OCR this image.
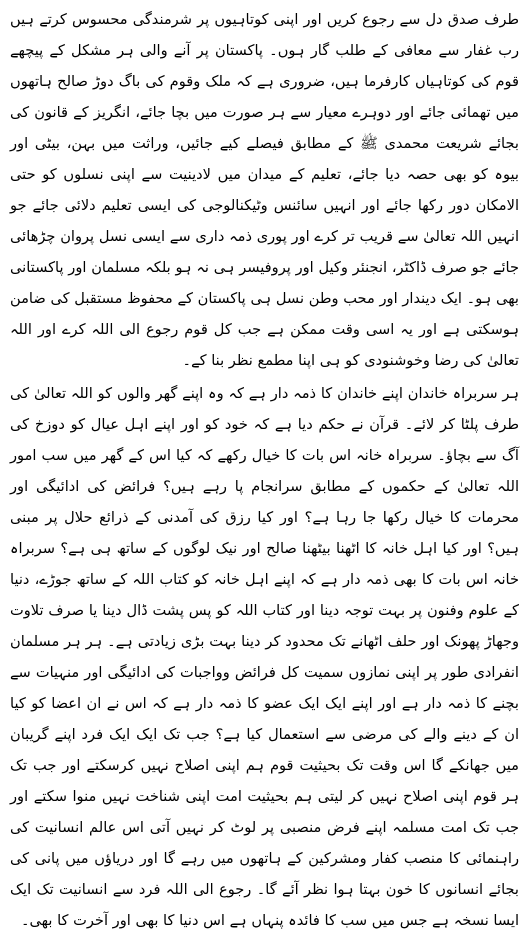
طرف صدق دل سے رجوع کریں اور اپنی کوتاہیوں پر شرمندگی محسوس کرتے ہیں رب غفار سے معافی کے طلب گار ہوں۔ پاکستان پر آنے والی ہر مشکل کے پیچھے قوم کی کوتاہیاں کارفرما ہیں، ضروری ہے کہ ملک وقوم کی باگ دوڑ صالح ہاتھوں میں تھمائی جائے اور دوہرے معیار سے ہر صورت میں بچا جائے، انگریز کے قانون کی بجائے شریعت محمدی ﷺ کے مطابق فیصلے کیے جائیں، وراثت میں بہن، بیٹی اور بیوہ کو بھی حصہ دیا جائے، تعلیم کے میدان میں لادینیت سے اپنی نسلوں کو حتی الامکان دور رکھا جائے اور انہیں سائنس وٹیکنالوجی کی ایسی تعلیم دلائی جائے جو انہیں اللہ تعالیٰ سے قریب تر کرے اور پوری ذمہ داری سے ایسی نسل پروان چڑھائی جائے جو صرف ڈاکٹر، انجنئر وکیل اور پروفیسر ہی نہ ہو بلکہ مسلمان اور پاکستانی بھی ہو۔ ایک دیندار اور محب وطن نسل ہی پاکستان کے محفوظ مستقبل کی ضامن ہوسکتی ہے اور یہ اسی وقت ممکن ہے جب کل قوم رجوع الی اللہ کرے اور اللہ تعالیٰ کی رضا وخوشنودی کو ہی اپنا مطمع نظر بنا کے۔

ہر سربراہ خاندان اپنے خاندان کا ذمہ دار ہے کہ وہ اپنے گھر والوں کو اللہ تعالیٰ کی طرف پلٹا کر لائے۔ قرآن نے حکم دیا ہے کہ خود کو اور اپنے اہل عیال کو دوزخ کی آگ سے بچاؤ۔ سربراہ خانہ اس بات کا خیال رکھے کہ کیا اس کے گھر میں سب امور اللہ تعالیٰ کے حکموں کے مطابق سرانجام پا رہے ہیں؟ فرائض کی ادائیگی اور محرمات کا خیال رکھا جا رہا ہے؟ اور کیا رزق کی آمدنی کے ذرائع حلال پر مبنی ہیں؟ اور کیا اہل خانہ کا اٹھنا بیٹھنا صالح اور نیک لوگوں کے ساتھ ہی ہے؟ سربراہ خانہ اس بات کا بھی ذمہ دار ہے کہ اپنے اہل خانہ کو کتاب اللہ کے ساتھ جوڑے، دنیا کے علوم وفنون پر بہت توجہ دینا اور کتاب اللہ کو پس پشت ڈال دینا یا صرف تلاوت وجھاڑ پھونک اور حلف اٹھانے تک محدود کر دینا بہت بڑی زیادتی ہے۔ ہر ہر مسلمان انفرادی طور پر اپنی نمازوں سمیت کل فرائض وواجبات کی ادائیگی اور منہیات سے بچنے کا ذمہ دار ہے اور اپنے ایک ایک عضو کا ذمہ دار ہے کہ اس نے ان اعضا کو کیا ان کے دینے والے کی مرضی سے استعمال کیا ہے؟ جب تک ایک ایک فرد اپنے گریبان میں جھانکے گا اس وقت تک بحیثیت قوم ہم اپنی اصلاح نہیں کرسکتے اور جب تک ہر قوم اپنی اصلاح نہیں کر لیتی ہم بحیثیت امت اپنی شناخت نہیں منوا سکتے اور جب تک امت مسلمہ اپنے فرض منصبی پر لوٹ کر نہیں آتی اس عالم انسانیت کی راہنمائی کا منصب کفار ومشرکین کے ہاتھوں میں رہے گا اور دریاؤں میں پانی کی بجائے انسانوں کا خون بہتا ہوا نظر آئے گا۔ رجوع الی اللہ فرد سے انسانیت تک ایک ایسا نسخہ ہے جس میں سب کا فائدہ پنہاں ہے اس دنیا کا بھی اور آخرت کا بھی۔
